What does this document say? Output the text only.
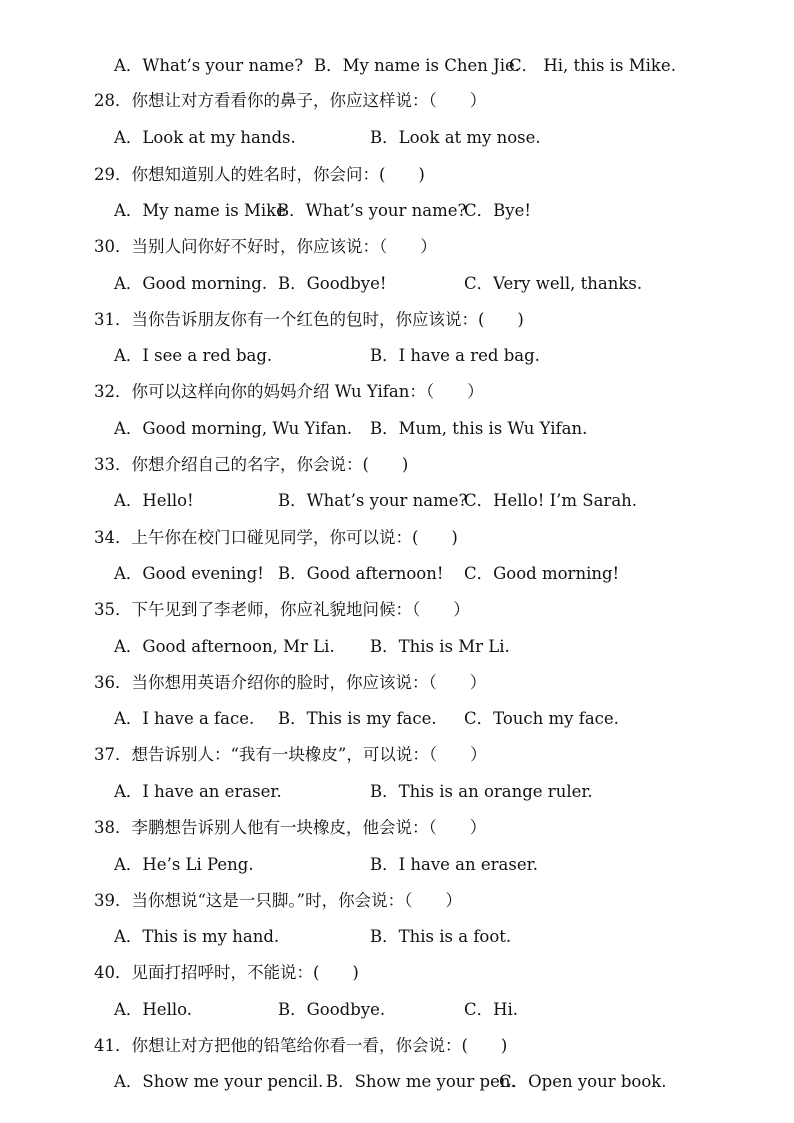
A．What’s your name? B．My name is Chen Jie.
C． Hi, this is Mike.
28．你想让对方看看你的鼻子，你应这样说：（　　）
A．Look at my hands.	B．Look at my nose.
29．你想知道别人的姓名时，你会问：(　　)
A．My name is Mike
B．What’s your name?
C．Bye!
30．当别人问你好不好时，你应该说：（　　）
A．Good morning. B．Goodbye!	C．Very well, thanks.
31．当你告诉朋友你有一个红色的包时，你应该说：(　　)
A．I see a red bag.	B．I have a red bag.
32．你可以这样向你的妈妈介绍 Wu Yifan：（　　）
A．Good morning, Wu Yifan. B．Mum, this is Wu Yifan.
33．你想介绍自己的名字，你会说：(　　)
A．Hello!	B．What’s your name?
C．Hello! I’m Sarah.
34．上午你在校门口碰见同学，你可以说：(　　)
A．Good evening! B．Good afternoon! C．Good morning!
35．下午见到了李老师，你应礼貌地问候：（　　）
A．Good afternoon, Mr Li. B．This is Mr Li.
36．当你想用英语介绍你的脸时，你应该说：（　　）
A．I have a face. B．This is my face. C．Touch my face.
37．想告诉别人：“我有一块橡皮”，可以说：（　　）
A．I have an eraser.	B．This is an orange ruler.
38．李鹏想告诉别人他有一块橡皮，他会说：（　　）
A．He’s Li Peng.	B．I have an eraser.
39．当你想说“这是一只脚。”时，你会说：（　　）
A．This is my hand.	B．This is a foot.
40．见面打招呼时，不能说：(　　)
A．Hello.	B．Goodbye.	C．Hi.
41．你想让对方把他的铅笔给你看一看，你会说：(　　)
A．Show me your pencil. B．Show me your pen.
C．Open your book.
